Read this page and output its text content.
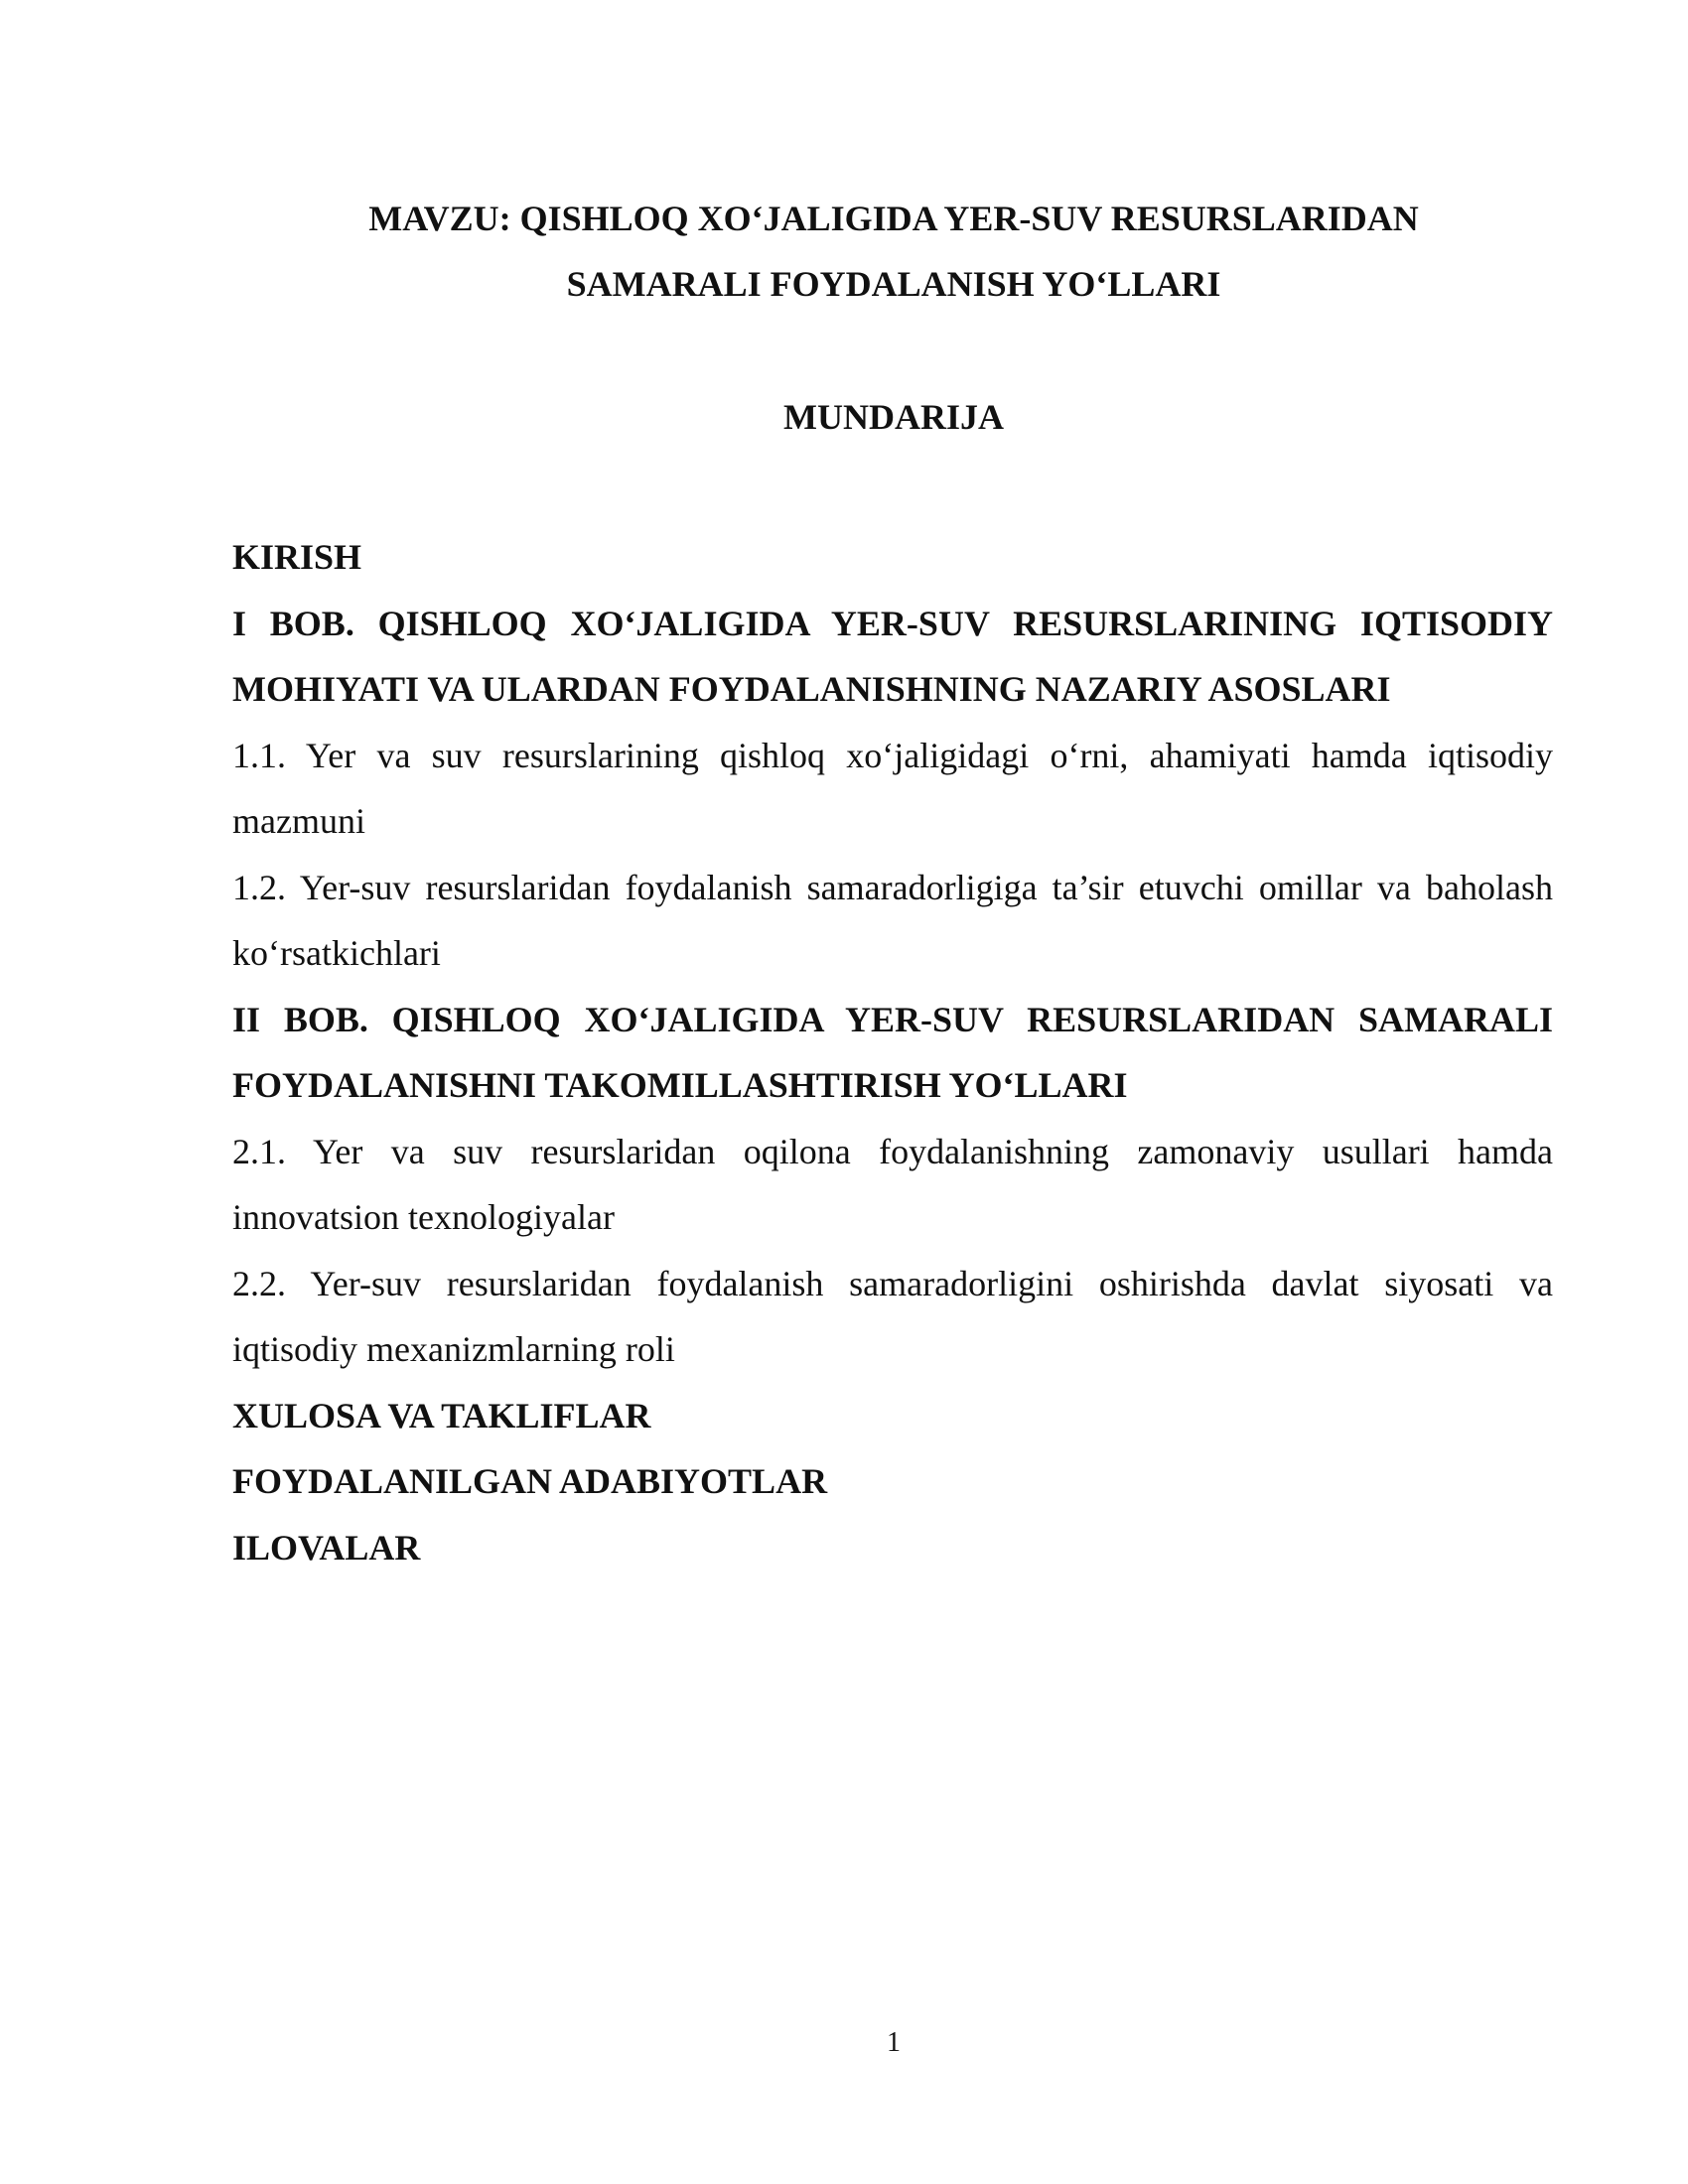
MAVZU: QISHLOQ XO‘JALIGIDA YER-SUV RESURSLARIDAN
SAMARALI FOYDALANISH YO‘LLARI
MUNDARIJA

KIRISH

I BOB. QISHLOQ XO‘JALIGIDA YER-SUV RESURSLARINING IQTISODIY MOHIYATI VA ULARDAN FOYDALANISHNING NAZARIY ASOSLARI

1.1. Yer va suv resurslarining qishloq xo‘jaligidagi o‘rni, ahamiyati hamda iqtisodiy mazmuni

1.2. Yer-suv resurslaridan foydalanish samaradorligiga ta’sir etuvchi omillar va baholash ko‘rsatkichlari

II BOB. QISHLOQ XO‘JALIGIDA YER-SUV RESURSLARIDAN SAMARALI FOYDALANISHNI TAKOMILLASHTIRISH YO‘LLARI

2.1. Yer va suv resurslaridan oqilona foydalanishning zamonaviy usullari hamda innovatsion texnologiyalar

2.2. Yer-suv resurslaridan foydalanish samaradorligini oshirishda davlat siyosati va iqtisodiy mexanizmlarning roli

XULOSA VA TAKLIFLAR

FOYDALANILGAN ADABIYOTLAR

ILOVALAR

1
